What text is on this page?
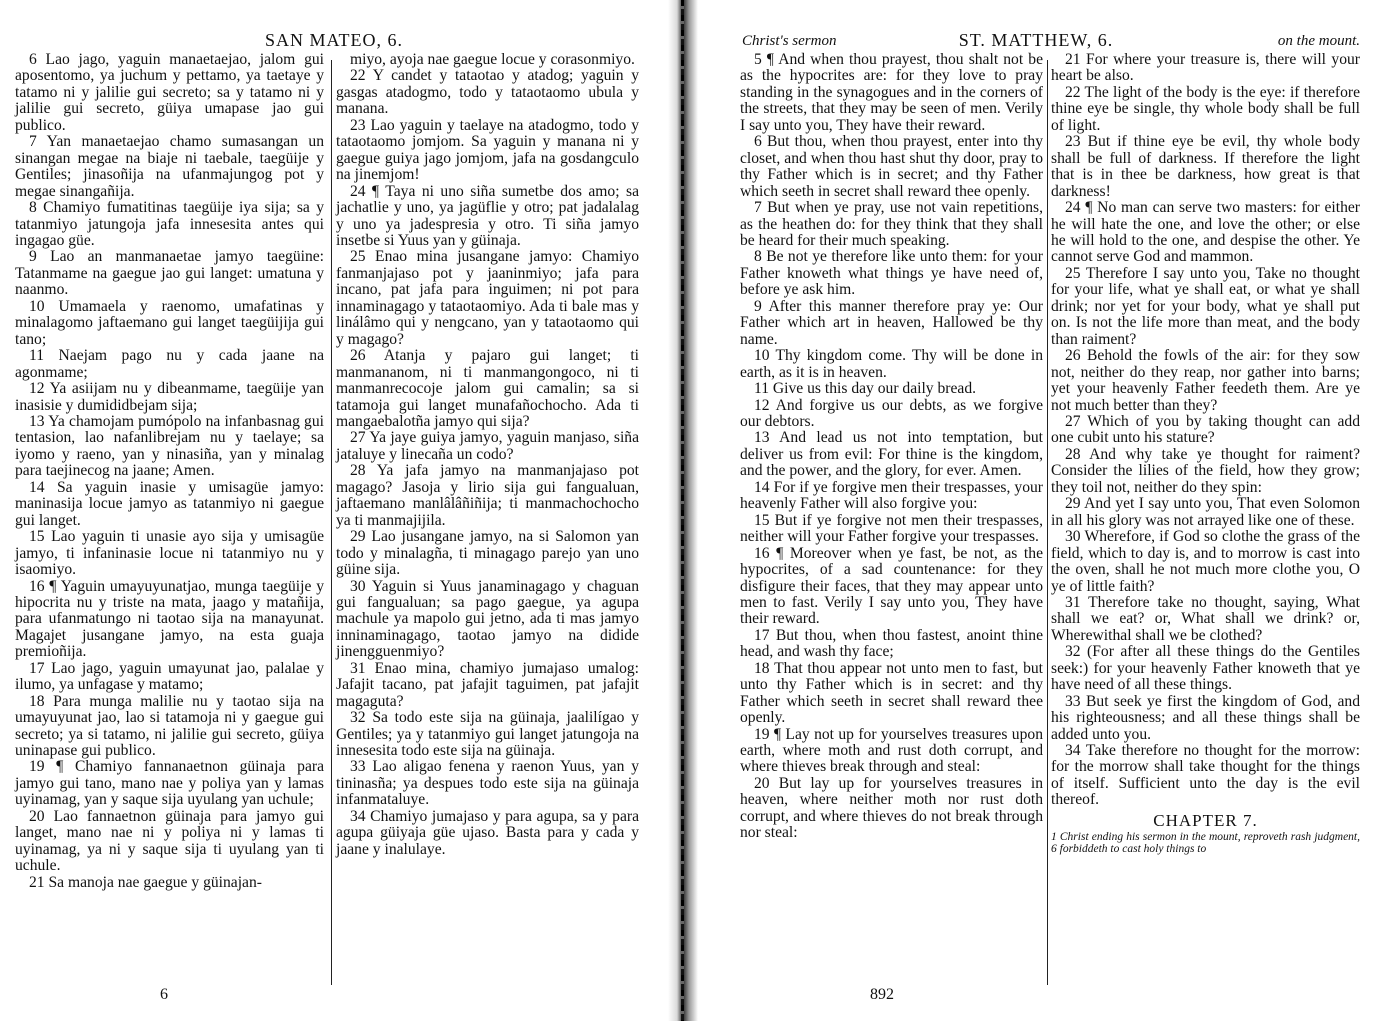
SAN MATEO, 6.

6 Lao jago, yaguin manaetaejao, jalom gui aposentomo, ya juchum y pettamo, ya taetaye y tatamo ni y jalilie gui secreto; sa y tatamo ni y jalilie gui secreto, güiya umapase jao gui publico.

7 Yan manaetaejao chamo sumasangan un sinangan megae na biaje ni taebale, taegüije y Gentiles; jinasoñija na ufanmajungog pot y megae sinangañija.

8 Chamiyo fumatitinas taegüije iya sija; sa y tatanmiyo jatungoja jafa innesesita antes qui ingagao güe.

9 Lao an manmanaetae jamyo taegüine: Tatanmame na gaegue jao gui langet: umatuna y naanmo.

10 Umamaela y raenomo, umafatinas y minalagomo jaftaemano gui langet taegüijija gui tano;

11 Naejam pago nu y cada jaane na agonmame;

12 Ya asiijam nu y dibeanmame, taegüije yan inasisie y dumididbejam sija;

13 Ya chamojam pumópolo na infanbasnag gui tentasion, lao nafanlibrejam nu y taelaye; sa iyomo y raeno, yan y ninasiña, yan y minalag para taejinecog na jaane; Amen.

14 Sa yaguin inasie y umisagüe jamyo: maninasija locue jamyo as tatanmiyo ni gaegue gui langet.

15 Lao yaguin ti unasie ayo sija y umisagüe jamyo, ti infaninasie locue ni tatanmiyo nu y isaomiyo.

16 ¶ Yaguin umayuyunatjao, munga taegüije y hipocrita nu y triste na mata, jaago y matañija, para ufanmatungo ni taotao sija na manayunat. Magajet jusangane jamyo, na esta guaja premioñija.

17 Lao jago, yaguin umayunat jao, palalae y ilumo, ya unfagase y matamo;

18 Para munga malilie nu y taotao sija na umayuyunat jao, lao si tatamoja ni y gaegue gui secreto; ya si tatamo, ni jalilie gui secreto, güiya uninapase gui publico.

19 ¶ Chamiyo fannanaetnon güinaja para jamyo gui tano, mano nae y poliya yan y lamas uyinamag, yan y saque sija uyulang yan uchule;

20 Lao fannaetnon güinaja para jamyo gui langet, mano nae ni y poliya ni y lamas ti uyinamag, ya ni y saque sija ti uyulang yan ti uchule.

21 Sa manoja nae gaegue y güinajan-

miyo, ayoja nae gaegue locue y corasonmiyo.

22 Y candet y tataotao y atadog; yaguin y gasgas atadogmo, todo y tataotaomo ubula y manana.

23 Lao yaguin y taelaye na atadogmo, todo y tataotaomo jomjom. Sa yaguin y manana ni y gaegue guiya jago jomjom, jafa na gosdangculo na jinemjom!

24 ¶ Taya ni uno siña sumetbe dos amo; sa jachatlie y uno, ya jagüflie y otro; pat jadalalag y uno ya jadespresia y otro. Ti siña jamyo insetbe si Yuus yan y güinaja.

25 Enao mina jusangane jamyo: Chamiyo fanmanjajaso pot y jaaninmiyo; jafa para incano, pat jafa para inguimen; ni pot para innaminagago y tataotaomiyo. Ada ti bale mas y linálâmo qui y nengcano, yan y tataotaomo qui y magago?

26 Atanja y pajaro gui langet; ti manmananom, ni ti manmangongoco, ni ti manmanrecocoje jalom gui camalin; sa si tatamoja gui langet munafañochocho. Ada ti mangaebalotña jamyo qui sija?

27 Ya jaye guiya jamyo, yaguin manjaso, siña jataluye y linecaña un codo?

28 Ya jafa jamyo na manmanjajaso pot magago? Jasoja y lirio sija gui fangualuan, jaftaemano manlâlâñiñija; ti manmachochocho ya ti manmajijila.

29 Lao jusangane jamyo, na si Salomon yan todo y minalagña, ti minagago parejo yan uno güine sija.

30 Yaguin si Yuus janaminagago y chaguan gui fangualuan; sa pago gaegue, ya agupa machule ya mapolo gui jetno, ada ti mas jamyo inninaminagago, taotao jamyo na didide jinengguenmiyo?

31 Enao mina, chamiyo jumajaso umalog: Jafajit tacano, pat jafajit taguimen, pat jafajit magaguta?

32 Sa todo este sija na güinaja, jaalilígao y Gentiles; ya y tatanmiyo gui langet jatungoja na innesesita todo este sija na güinaja.

33 Lao aligao fenena y raenon Yuus, yan y tininasña; ya despues todo este sija na güinaja infanmataluye.

34 Chamiyo jumajaso y para agupa, sa y para agupa güiyaja güe ujaso. Basta para y cada y jaane y inalulaye.

6
Christ's sermon	ST. MATTHEW, 6.	on the mount.

5 ¶ And when thou prayest, thou shalt not be as the hypocrites are: for they love to pray standing in the synagogues and in the corners of the streets, that they may be seen of men. Verily I say unto you, They have their reward.

6 But thou, when thou prayest, enter into thy closet, and when thou hast shut thy door, pray to thy Father which is in secret; and thy Father which seeth in secret shall reward thee openly.

7 But when ye pray, use not vain repetitions, as the heathen do: for they think that they shall be heard for their much speaking.

8 Be not ye therefore like unto them: for your Father knoweth what things ye have need of, before ye ask him.

9 After this manner therefore pray ye: Our Father which art in heaven, Hallowed be thy name.

10 Thy kingdom come. Thy will be done in earth, as it is in heaven.

11 Give us this day our daily bread.

12 And forgive us our debts, as we forgive our debtors.

13 And lead us not into temptation, but deliver us from evil: For thine is the kingdom, and the power, and the glory, for ever. Amen.

14 For if ye forgive men their trespasses, your heavenly Father will also forgive you:

15 But if ye forgive not men their trespasses, neither will your Father forgive your trespasses.

16 ¶ Moreover when ye fast, be not, as the hypocrites, of a sad countenance: for they disfigure their faces, that they may appear unto men to fast. Verily I say unto you, They have their reward.

17 But thou, when thou fastest, anoint thine head, and wash thy face;

18 That thou appear not unto men to fast, but unto thy Father which is in secret: and thy Father which seeth in secret shall reward thee openly.

19 ¶ Lay not up for yourselves treasures upon earth, where moth and rust doth corrupt, and where thieves break through and steal:

20 But lay up for yourselves treasures in heaven, where neither moth nor rust doth corrupt, and where thieves do not break through nor steal:

21 For where your treasure is, there will your heart be also.

22 The light of the body is the eye: if therefore thine eye be single, thy whole body shall be full of light.

23 But if thine eye be evil, thy whole body shall be full of darkness. If therefore the light that is in thee be darkness, how great is that darkness!

24 ¶ No man can serve two masters: for either he will hate the one, and love the other; or else he will hold to the one, and despise the other. Ye cannot serve God and mammon.

25 Therefore I say unto you, Take no thought for your life, what ye shall eat, or what ye shall drink; nor yet for your body, what ye shall put on. Is not the life more than meat, and the body than raiment?

26 Behold the fowls of the air: for they sow not, neither do they reap, nor gather into barns; yet your heavenly Father feedeth them. Are ye not much better than they?

27 Which of you by taking thought can add one cubit unto his stature?

28 And why take ye thought for raiment? Consider the lilies of the field, how they grow; they toil not, neither do they spin:

29 And yet I say unto you, That even Solomon in all his glory was not arrayed like one of these.

30 Wherefore, if God so clothe the grass of the field, which to day is, and to morrow is cast into the oven, shall he not much more clothe you, O ye of little faith?

31 Therefore take no thought, saying, What shall we eat? or, What shall we drink? or, Wherewithal shall we be clothed?

32 (For after all these things do the Gentiles seek:) for your heavenly Father knoweth that ye have need of all these things.

33 But seek ye first the kingdom of God, and his righteousness; and all these things shall be added unto you.

34 Take therefore no thought for the morrow: for the morrow shall take thought for the things of itself. Sufficient unto the day is the evil thereof.

CHAPTER 7.

1 Christ ending his sermon in the mount, reproveth rash judgment, 6 forbiddeth to cast holy things to

892
